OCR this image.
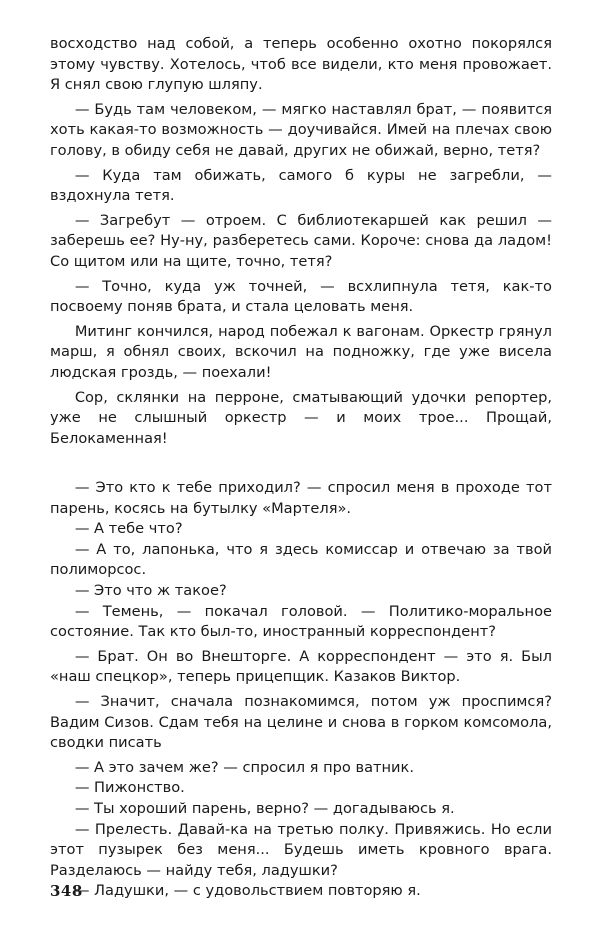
восходство над собой, а теперь особенно охотно покорялся этому чувству. Хотелось, чтоб все видели, кто меня провожает. Я снял свою глупую шляпу.

— Будь там человеком, — мягко наставлял брат, — появится хоть какая-то возможность — доучивайся. Имей на плечах свою голову, в обиду себя не давай, других не обижай, верно, тетя?

— Куда там обижать, самого б куры не загребли, — вздохнула тетя.

— Загребут — отроем. С библиотекаршей как решил — заберешь ее? Ну-ну, разберетесь сами. Короче: снова да ладом! Со щитом или на щите, точно, тетя?

— Точно, куда уж точней, — всхлипнула тетя, как-то посвоему поняв брата, и стала целовать меня.

Митинг кончился, народ побежал к вагонам. Оркестр грянул марш, я обнял своих, вскочил на подножку, где уже висела людская гроздь, — поехали!

Сор, склянки на перроне, сматывающий удочки репортер, уже не слышный оркестр — и моих трое... Прощай, Белокаменная!

— Это кто к тебе приходил? — спросил меня в проходе тот парень, косясь на бутылку «Мартеля».

— А тебе что?

— А то, лапонька, что я здесь комиссар и отвечаю за твой полиморсос.

— Это что ж такое?

— Темень, — покачал головой. — Политико-моральное состояние. Так кто был-то, иностранный корреспондент?

— Брат. Он во Внешторге. А корреспондент — это я. Был «наш спецкор», теперь прицепщик. Казаков Виктор.

— Значит, сначала познакомимся, потом уж проспимся? Вадим Сизов. Сдам тебя на целине и снова в горком комсомола, сводки писать

— А это зачем же? — спросил я про ватник.

— Пижонство.

— Ты хороший парень, верно? — догадываюсь я.

— Прелесть. Давай-ка на третью полку. Привяжись. Но если этот пузырек без меня... Будешь иметь кровного врага. Разделаюсь — найду тебя, ладушки?

— Ладушки, — с удовольствием повторяю я.

348
